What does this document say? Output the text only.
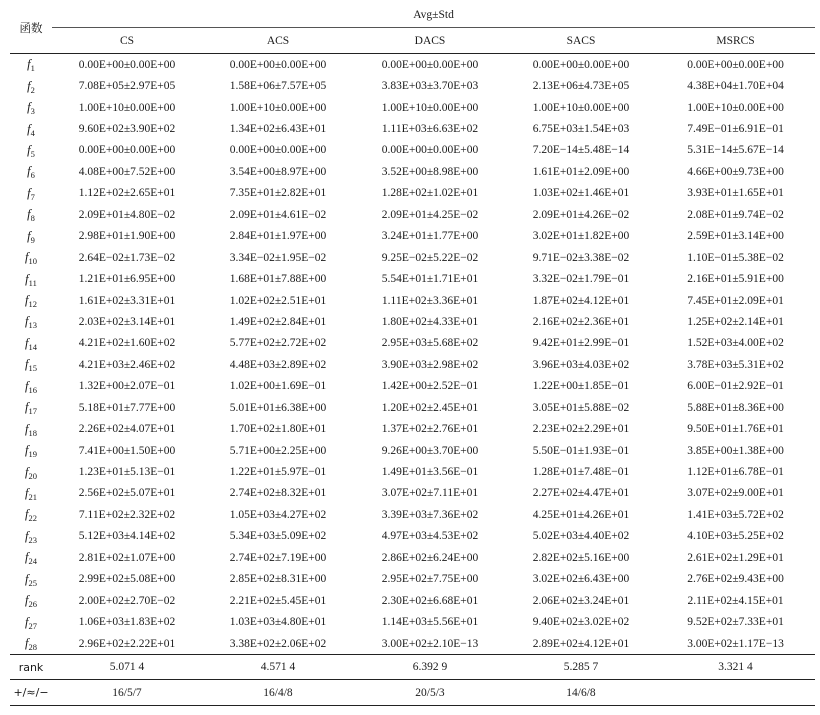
函数	Avg±Std				
	CS	ACS	DACS	SACS	MSRCS
$f_1$	0.00E+00±0.00E+00	0.00E+00±0.00E+00	0.00E+00±0.00E+00	0.00E+00±0.00E+00	0.00E+00±0.00E+00
$f_2$	7.08E+05±2.97E+05	1.58E+06±7.57E+05	3.83E+03±3.70E+03	2.13E+06±4.73E+05	4.38E+04±1.70E+04
$f_3$	1.00E+10±0.00E+00	1.00E+10±0.00E+00	1.00E+10±0.00E+00	1.00E+10±0.00E+00	1.00E+10±0.00E+00
$f_4$	9.60E+02±3.90E+02	1.34E+02±6.43E+01	1.11E+03±6.63E+02	6.75E+03±1.54E+03	7.49E−01±6.91E−01
$f_5$	0.00E+00±0.00E+00	0.00E+00±0.00E+00	0.00E+00±0.00E+00	7.20E−14±5.48E−14	5.31E−14±5.67E−14
$f_6$	4.08E+00±7.52E+00	3.54E+00±8.97E+00	3.52E+00±8.98E+00	1.61E+01±2.09E+00	4.66E+00±9.73E+00
$f_7$	1.12E+02±2.65E+01	7.35E+01±2.82E+01	1.28E+02±1.02E+01	1.03E+02±1.46E+01	3.93E+01±1.65E+01
$f_8$	2.09E+01±4.80E−02	2.09E+01±4.61E−02	2.09E+01±4.25E−02	2.09E+01±4.26E−02	2.08E+01±9.74E−02
$f_9$	2.98E+01±1.90E+00	2.84E+01±1.97E+00	3.24E+01±1.77E+00	3.02E+01±1.82E+00	2.59E+01±3.14E+00
$f_{10}$	2.64E−02±1.73E−02	3.34E−02±1.95E−02	9.25E−02±5.22E−02	9.71E−02±3.38E−02	1.10E−01±5.38E−02
$f_{11}$	1.21E+01±6.95E+00	1.68E+01±7.88E+00	5.54E+01±1.71E+01	3.32E−02±1.79E−01	2.16E+01±5.91E+00
$f_{12}$	1.61E+02±3.31E+01	1.02E+02±2.51E+01	1.11E+02±3.36E+01	1.87E+02±4.12E+01	7.45E+01±2.09E+01
$f_{13}$	2.03E+02±3.14E+01	1.49E+02±2.84E+01	1.80E+02±4.33E+01	2.16E+02±2.36E+01	1.25E+02±2.14E+01
$f_{14}$	4.21E+02±1.60E+02	5.77E+02±2.72E+02	2.95E+03±5.68E+02	9.42E+01±2.99E−01	1.52E+03±4.00E+02
$f_{15}$	4.21E+03±2.46E+02	4.48E+03±2.89E+02	3.90E+03±2.98E+02	3.96E+03±4.03E+02	3.78E+03±5.31E+02
$f_{16}$	1.32E+00±2.07E−01	1.02E+00±1.69E−01	1.42E+00±2.52E−01	1.22E+00±1.85E−01	6.00E−01±2.92E−01
$f_{17}$	5.18E+01±7.77E+00	5.01E+01±6.38E+00	1.20E+02±2.45E+01	3.05E+01±5.88E−02	5.88E+01±8.36E+00
$f_{18}$	2.26E+02±4.07E+01	1.70E+02±1.80E+01	1.37E+02±2.76E+01	2.23E+02±2.29E+01	9.50E+01±1.76E+01
$f_{19}$	7.41E+00±1.50E+00	5.71E+00±2.25E+00	9.26E+00±3.70E+00	5.50E−01±1.93E−01	3.85E+00±1.38E+00
$f_{20}$	1.23E+01±5.13E−01	1.22E+01±5.97E−01	1.49E+01±3.56E−01	1.28E+01±7.48E−01	1.12E+01±6.78E−01
$f_{21}$	2.56E+02±5.07E+01	2.74E+02±8.32E+01	3.07E+02±7.11E+01	2.27E+02±4.47E+01	3.07E+02±9.00E+01
$f_{22}$	7.11E+02±2.32E+02	1.05E+03±4.27E+02	3.39E+03±7.36E+02	4.25E+01±4.26E+01	1.41E+03±5.72E+02
$f_{23}$	5.12E+03±4.14E+02	5.34E+03±5.09E+02	4.97E+03±4.53E+02	5.02E+03±4.40E+02	4.10E+03±5.25E+02
$f_{24}$	2.81E+02±1.07E+00	2.74E+02±7.19E+00	2.86E+02±6.24E+00	2.82E+02±5.16E+00	2.61E+02±1.29E+01
$f_{25}$	2.99E+02±5.08E+00	2.85E+02±8.31E+00	2.95E+02±7.75E+00	3.02E+02±6.43E+00	2.76E+02±9.43E+00
$f_{26}$	2.00E+02±2.70E−02	2.21E+02±5.45E+01	2.30E+02±6.68E+01	2.06E+02±3.24E+01	2.11E+02±4.15E+01
$f_{27}$	1.06E+03±1.83E+02	1.03E+03±4.80E+01	1.14E+03±5.56E+01	9.40E+02±3.02E+02	9.52E+02±7.33E+01
$f_{28}$	2.96E+02±2.22E+01	3.38E+02±2.06E+02	3.00E+02±2.10E−13	2.89E+02±4.12E+01	3.00E+02±1.17E−13
rank	5.071 4	4.571 4	6.392 9	5.285 7	3.321 4
+/≈/−	16/5/7	16/4/8	20/5/3	14/6/8	
